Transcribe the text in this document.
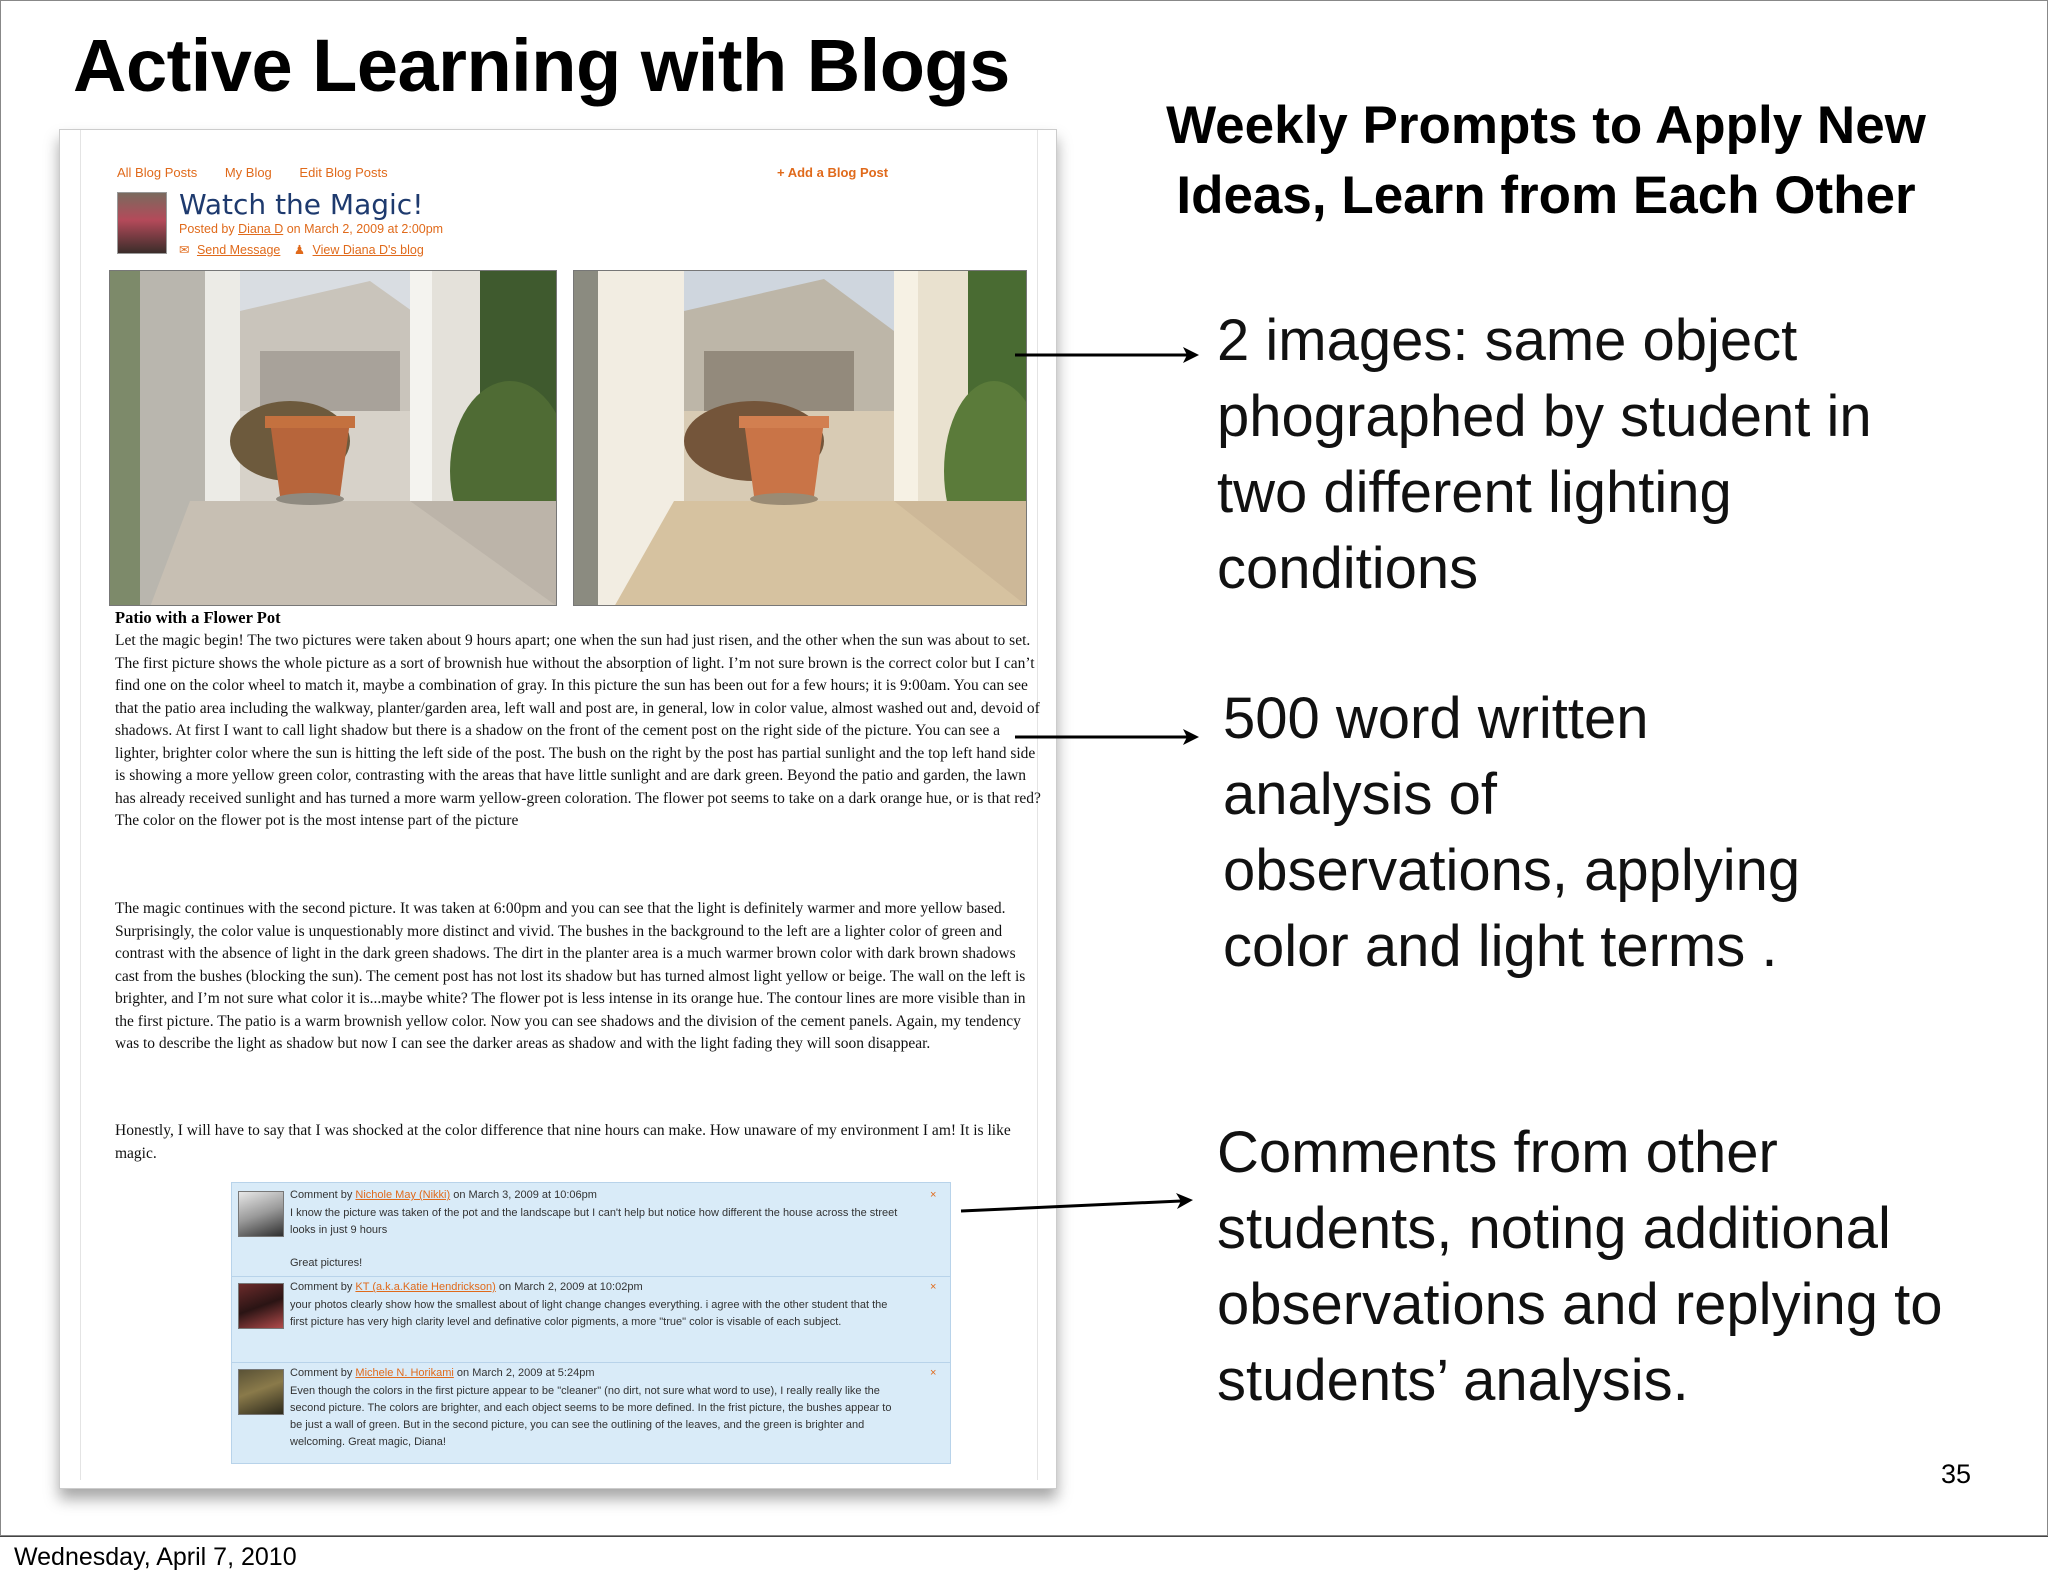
Active Learning with Blogs
Weekly Prompts to Apply New
Ideas, Learn from Each Other
All Blog Posts My Blog Edit Blog Posts	+ Add a Blog Post
Watch the Magic!
Posted by Diana D on March 2, 2009 at 2:00pm
✉ Send Message ♟ View Diana D's blog
Patio with a Flower Pot
Let the magic begin! The two pictures were taken about 9 hours apart; one when the sun had just risen, and the other when the sun was about to set. The first picture shows the whole picture as a sort of brownish hue without the absorption of light. I’m not sure brown is the correct color but I can’t find one on the color wheel to match it, maybe a combination of gray. In this picture the sun has been out for a few hours; it is 9:00am. You can see that the patio area including the walkway, planter/garden area, left wall and post are, in general, low in color value, almost washed out and, devoid of shadows. At first I want to call light shadow but there is a shadow on the front of the cement post on the right side of the picture. You can see a lighter, brighter color where the sun is hitting the left side of the post. The bush on the right by the post has partial sunlight and the top left hand side is showing a more yellow green color, contrasting with the areas that have little sunlight and are dark green. Beyond the patio and garden, the lawn has already received sunlight and has turned a more warm yellow-green coloration. The flower pot seems to take on a dark orange hue, or is that red? The color on the flower pot is the most intense part of the picture
The magic continues with the second picture. It was taken at 6:00pm and you can see that the light is definitely warmer and more yellow based. Surprisingly, the color value is unquestionably more distinct and vivid. The bushes in the background to the left are a lighter color of green and contrast with the absence of light in the dark green shadows. The dirt in the planter area is a much warmer brown color with dark brown shadows cast from the bushes (blocking the sun). The cement post has not lost its shadow but has turned almost light yellow or beige. The wall on the left is brighter, and I’m not sure what color it is...maybe white? The flower pot is less intense in its orange hue. The contour lines are more visible than in the first picture. The patio is a warm brownish yellow color. Now you can see shadows and the division of the cement panels. Again, my tendency was to describe the light as shadow but now I can see the darker areas as shadow and with the light fading they will soon disappear.
Honestly, I will have to say that I was shocked at the color difference that nine hours can make. How unaware of my environment I am! It is like magic.
Comment by Nichole May (Nikki) on March 3, 2009 at 10:06pm	×
I know the picture was taken of the pot and the landscape but I can't help but notice how different the house across the street looks in just 9 hours
Great pictures!
Comment by KT (a.k.a.Katie Hendrickson) on March 2, 2009 at 10:02pm	×
your photos clearly show how the smallest about of light change changes everything. i agree with the other student that the first picture has very high clarity level and definative color pigments, a more "true" color is visable of each subject.
Comment by Michele N. Horikami on March 2, 2009 at 5:24pm	×
Even though the colors in the first picture appear to be "cleaner" (no dirt, not sure what word to use), I really really like the second picture. The colors are brighter, and each object seems to be more defined. In the frist picture, the bushes appear to be just a wall of green. But in the second picture, you can see the outlining of the leaves, and the green is brighter and welcoming. Great magic, Diana!
2 images: same object
phographed by student in
two different lighting
conditions
500 word written
analysis of
observations, applying
color and light terms .
Comments from other
students, noting additional
observations and replying to
students’ analysis.
35
Wednesday, April 7, 2010
